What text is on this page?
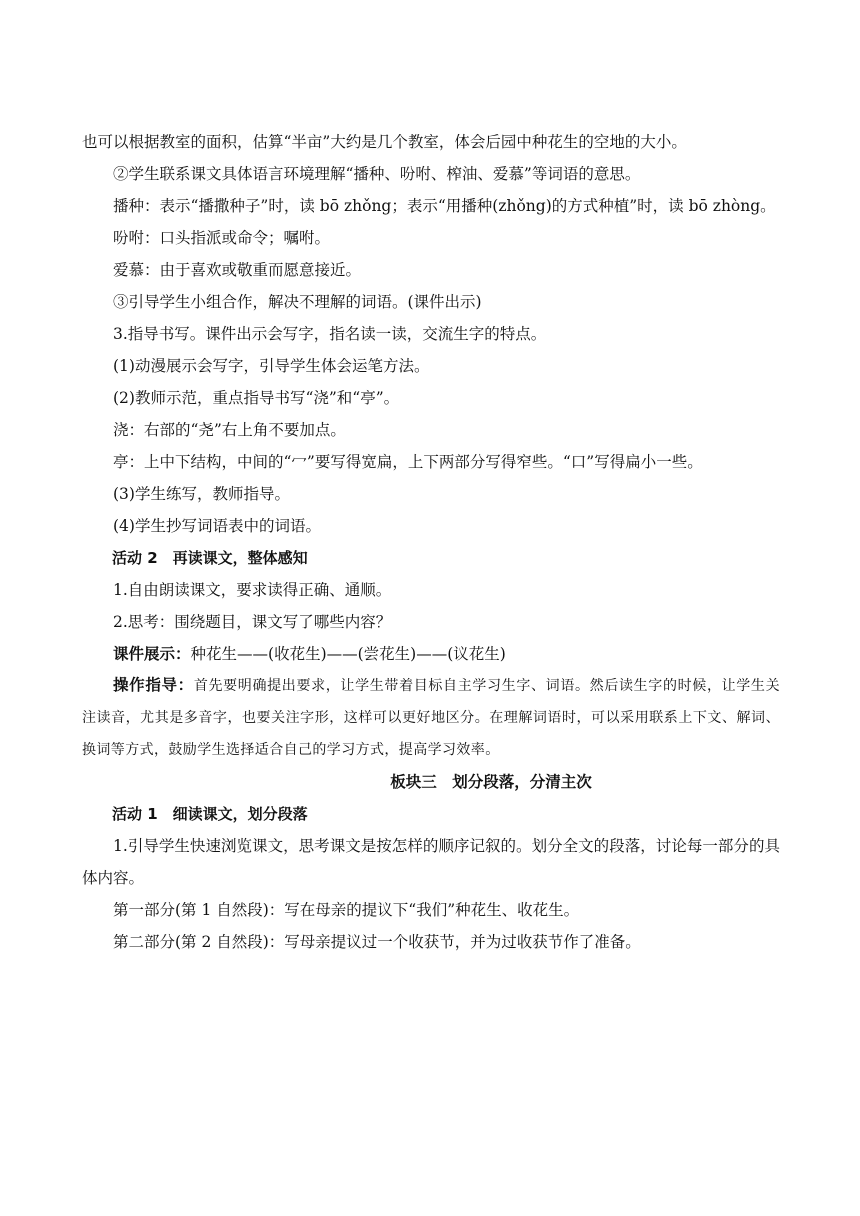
也可以根据教室的面积，估算“半亩”大约是几个教室，体会后园中种花生的空地的大小。

②学生联系课文具体语言环境理解“播种、吩咐、榨油、爱慕”等词语的意思。

播种：表示“播撒种子”时，读 bō zhǒng；表示“用播种(zhǒng)的方式种植”时，读 bō zhòng。

吩咐：口头指派或命令；嘱咐。

爱慕：由于喜欢或敬重而愿意接近。

③引导学生小组合作，解决不理解的词语。(课件出示)

3.指导书写。课件出示会写字，指名读一读，交流生字的特点。

(1)动漫展示会写字，引导学生体会运笔方法。

(2)教师示范，重点指导书写“浇”和“亭”。

浇：右部的“尧”右上角不要加点。

亭：上中下结构，中间的“冖”要写得宽扁，上下两部分写得窄些。“口”写得扁小一些。

(3)学生练写，教师指导。

(4)学生抄写词语表中的词语。

活动 2　再读课文，整体感知

1.自由朗读课文，要求读得正确、通顺。

2.思考：围绕题目，课文写了哪些内容？

课件展示：种花生——(收花生)——(尝花生)——(议花生)

操作指导：首先要明确提出要求，让学生带着目标自主学习生字、词语。然后读生字的时候，让学生关注读音，尤其是多音字，也要关注字形，这样可以更好地区分。在理解词语时，可以采用联系上下文、解词、换词等方式，鼓励学生选择适合自己的学习方式，提高学习效率。

板块三　划分段落，分清主次

活动 1　细读课文，划分段落

1.引导学生快速浏览课文，思考课文是按怎样的顺序记叙的。划分全文的段落，讨论每一部分的具体内容。

第一部分(第 1 自然段)：写在母亲的提议下“我们”种花生、收花生。

第二部分(第 2 自然段)：写母亲提议过一个收获节，并为过收获节作了准备。
